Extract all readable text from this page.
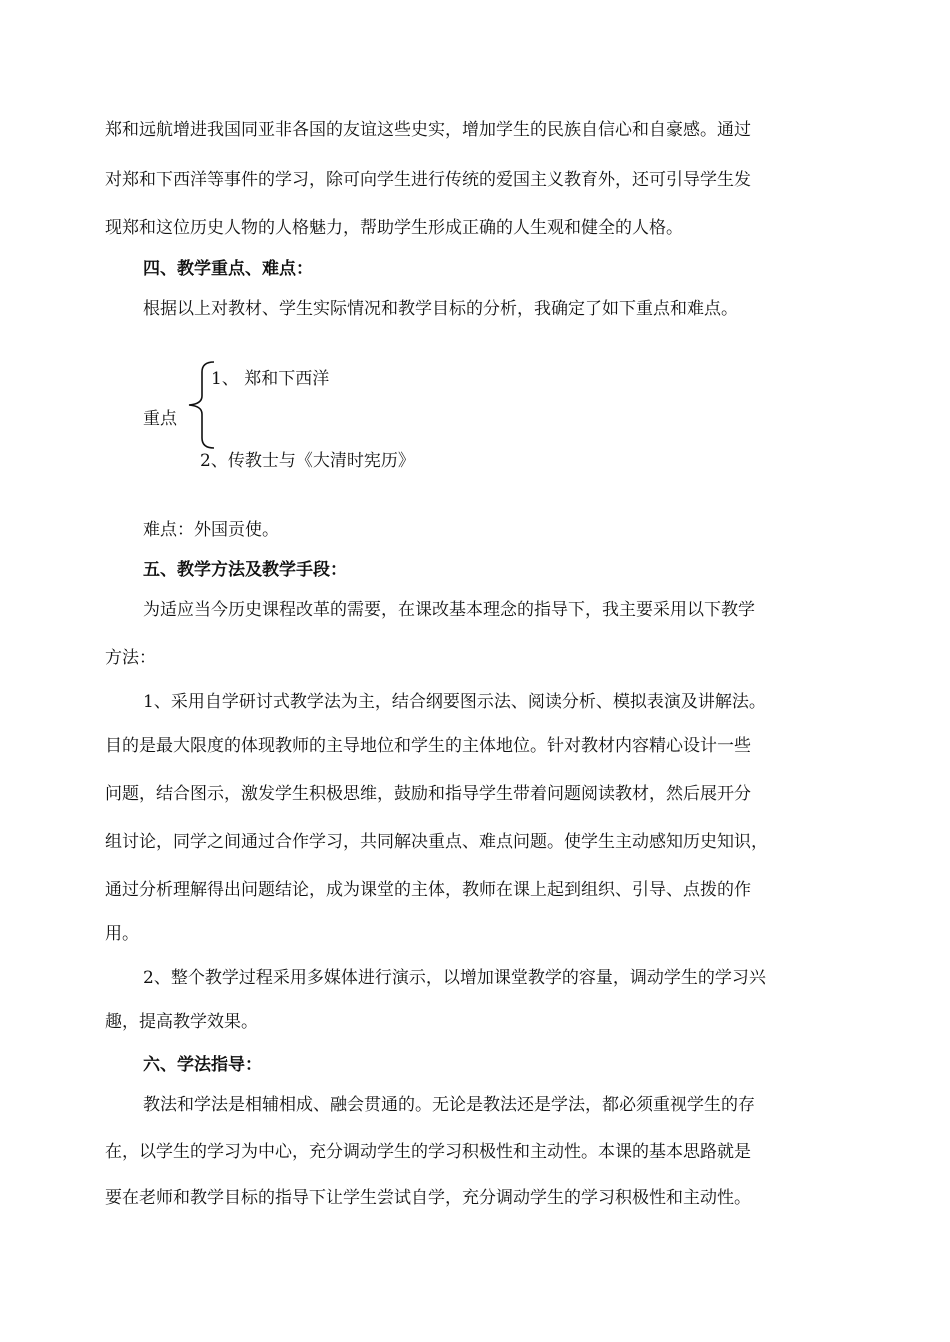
郑和远航增进我国同亚非各国的友谊这些史实，增加学生的民族自信心和自豪感。通过
对郑和下西洋等事件的学习，除可向学生进行传统的爱国主义教育外，还可引导学生发
现郑和这位历史人物的人格魅力，帮助学生形成正确的人生观和健全的人格。
四、教学重点、难点：
根据以上对教材、学生实际情况和教学目标的分析，我确定了如下重点和难点。
重点
1、 郑和下西洋
2、传教士与《大清时宪历》
难点：外国贡使。
五、教学方法及教学手段：
为适应当今历史课程改革的需要，在课改基本理念的指导下，我主要采用以下教学
方法：
1、采用自学研讨式教学法为主，结合纲要图示法、阅读分析、模拟表演及讲解法。
目的是最大限度的体现教师的主导地位和学生的主体地位。针对教材内容精心设计一些
问题，结合图示，激发学生积极思维，鼓励和指导学生带着问题阅读教材，然后展开分
组讨论，同学之间通过合作学习，共同解决重点、难点问题。使学生主动感知历史知识，
通过分析理解得出问题结论，成为课堂的主体，教师在课上起到组织、引导、点拨的作
用。
2、整个教学过程采用多媒体进行演示，以增加课堂教学的容量，调动学生的学习兴
趣，提高教学效果。
六、学法指导：
教法和学法是相辅相成、融会贯通的。无论是教法还是学法，都必须重视学生的存
在，以学生的学习为中心，充分调动学生的学习积极性和主动性。本课的基本思路就是
要在老师和教学目标的指导下让学生尝试自学，充分调动学生的学习积极性和主动性。
